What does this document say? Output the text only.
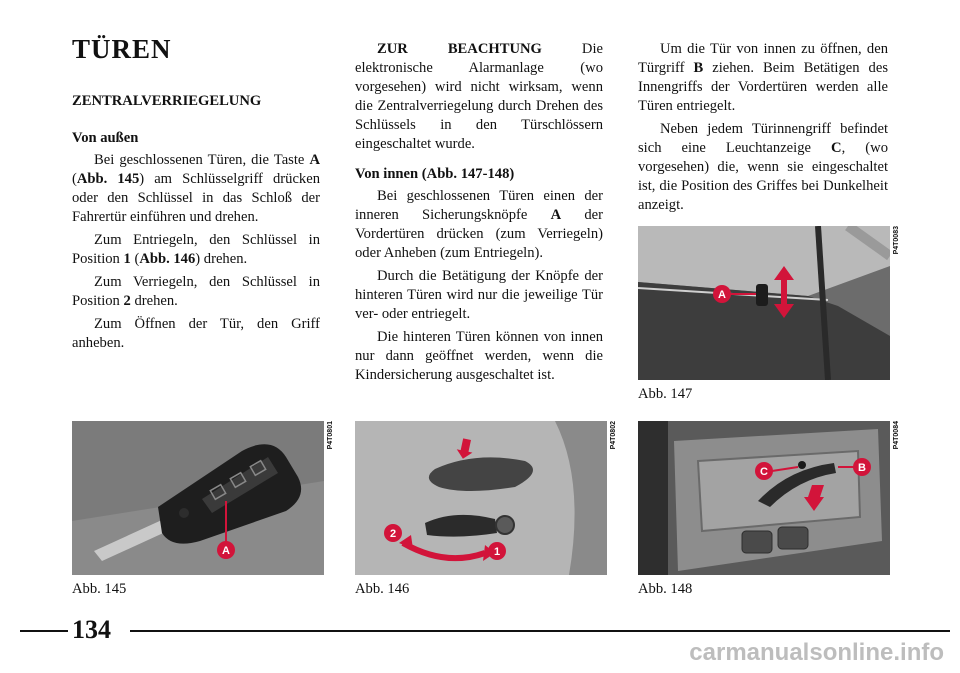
TÜREN

ZENTRALVERRIEGELUNG

Von außen

Bei geschlossenen Türen, die Taste A (Abb. 145) am Schlüsselgriff drücken oder den Schlüssel in das Schloß der Fahrertür einführen und drehen.

Zum Entriegeln, den Schlüssel in Position 1 (Abb. 146) drehen.

Zum Verriegeln, den Schlüssel in Position 2 drehen.

Zum Öffnen der Tür, den Griff anheben.

ZUR BEACHTUNG Die elektronische Alarmanlage (wo vorgesehen) wird nicht wirksam, wenn die Zentralverriegelung durch Drehen des Schlüssels in den Türschlössern eingeschaltet wurde.

Von innen (Abb. 147-148)

Bei geschlossenen Türen einen der inneren Sicherungsknöpfe A der Vordertüren drücken (zum Verriegeln) oder Anheben (zum Entriegeln).

Durch die Betätigung der Knöpfe der hinteren Türen wird nur die jeweilige Tür ver- oder entriegelt.

Die hinteren Türen können von innen nur dann geöffnet werden, wenn die Kindersicherung ausgeschaltet ist.

Um die Tür von innen zu öffnen, den Türgriff B ziehen. Beim Betätigen des Innengriffs der Vordertüren werden alle Türen entriegelt.

Neben jedem Türinnengriff befindet sich eine Leuchtanzeige C, (wo vorgesehen) die, wenn sie eingeschaltet ist, die Position des Griffes bei Dunkelheit anzeigt.

A
P4T0083
Abb. 147
A
P4T0801
Abb. 145
2
1
P4T0802
Abb. 146
C	B
P4T0084
Abb. 148
134
carmanualsonline.info
